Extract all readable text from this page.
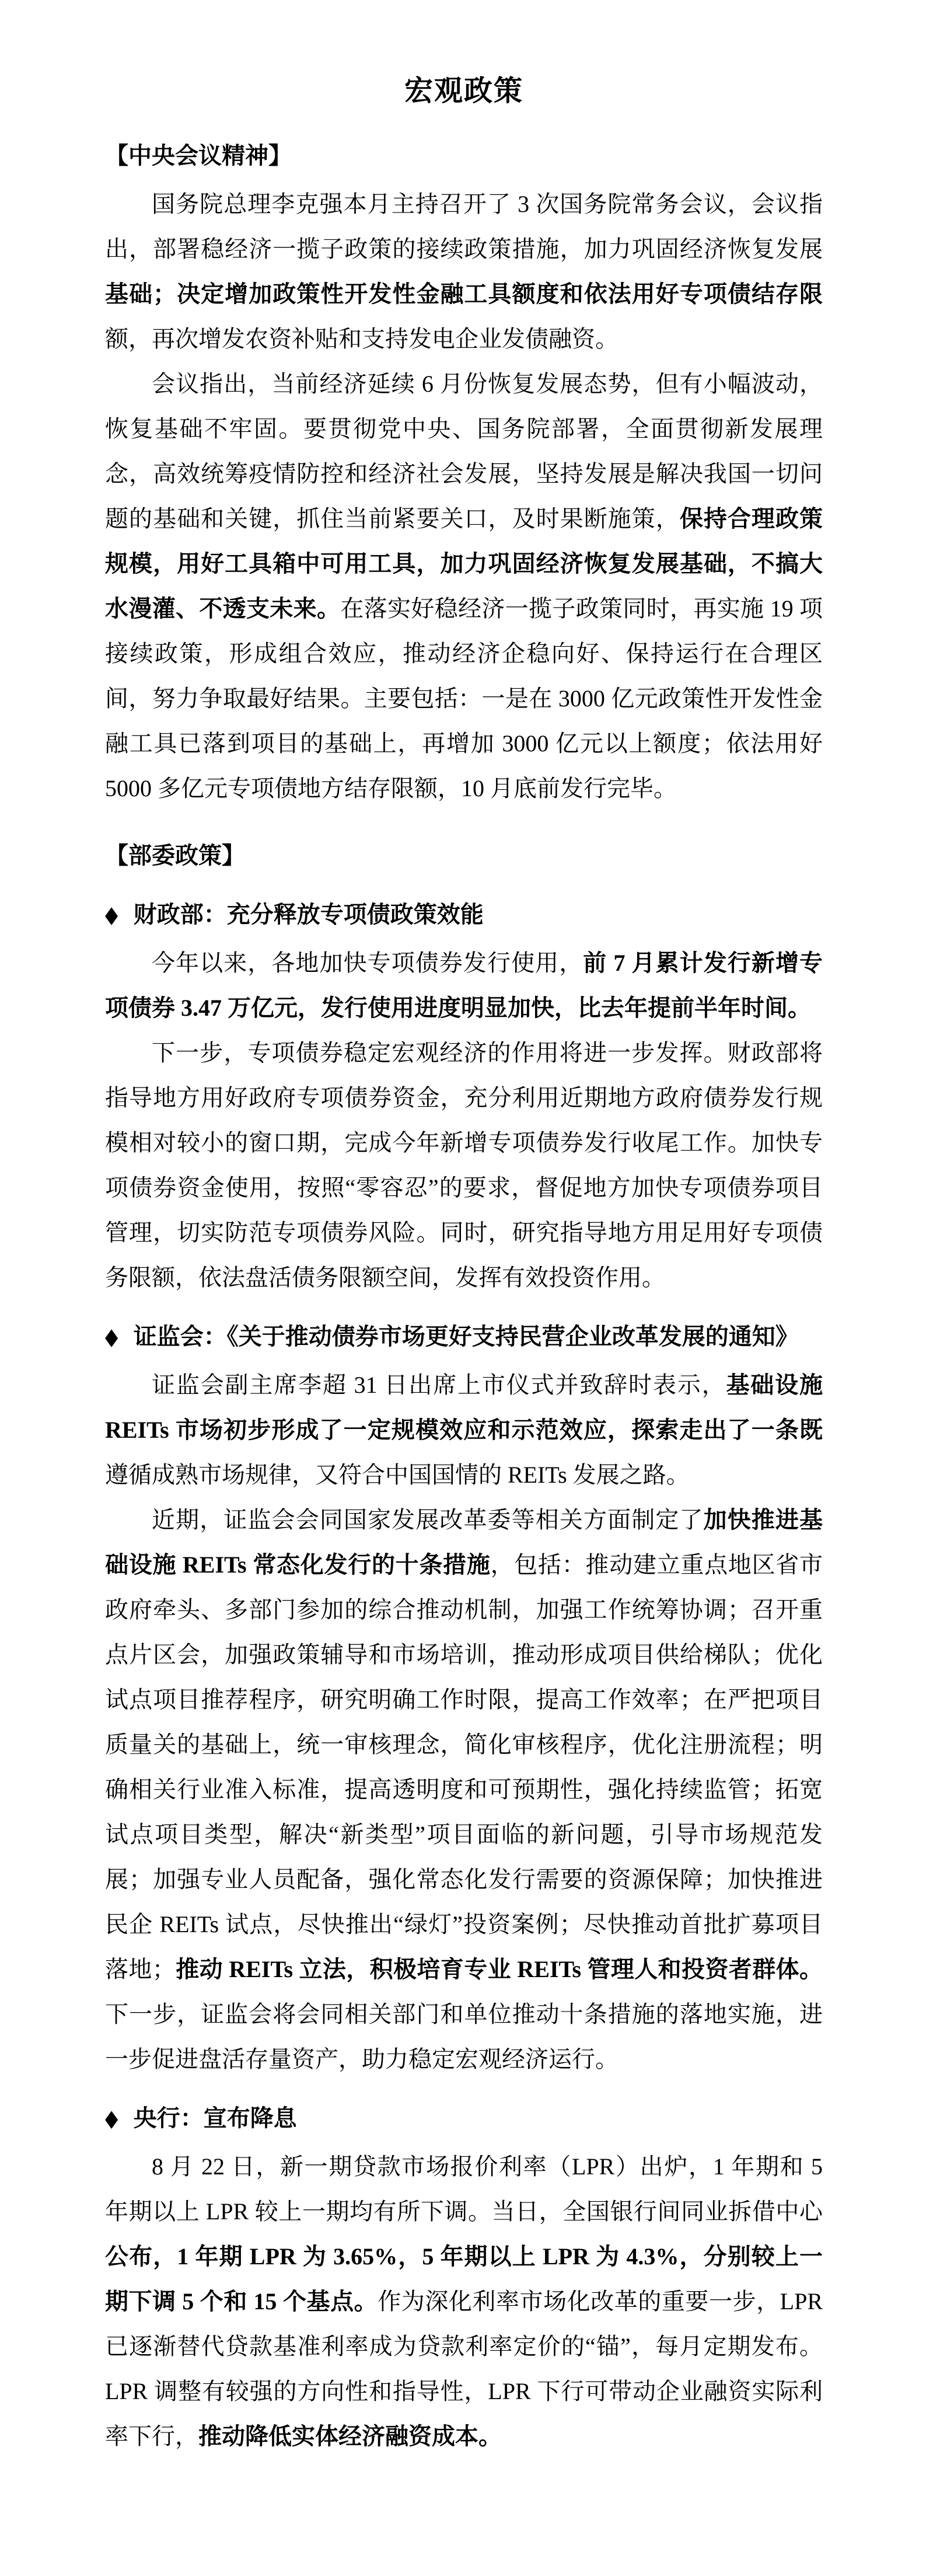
宏观政策
【中央会议精神】

国务院总理李克强本月主持召开了 3 次国务院常务会议，会议指出，部署稳经济一揽子政策的接续政策措施，加力巩固经济恢复发展基础；决定增加政策性开发性金融工具额度和依法用好专项债结存限额，再次增发农资补贴和支持发电企业发债融资。

会议指出，当前经济延续 6 月份恢复发展态势，但有小幅波动，恢复基础不牢固。要贯彻党中央、国务院部署，全面贯彻新发展理念，高效统筹疫情防控和经济社会发展，坚持发展是解决我国一切问题的基础和关键，抓住当前紧要关口，及时果断施策，保持合理政策规模，用好工具箱中可用工具，加力巩固经济恢复发展基础，不搞大水漫灌、不透支未来。在落实好稳经济一揽子政策同时，再实施 19 项接续政策，形成组合效应，推动经济企稳向好、保持运行在合理区间，努力争取最好结果。主要包括：一是在 3000 亿元政策性开发性金融工具已落到项目的基础上，再增加 3000 亿元以上额度；依法用好 5000 多亿元专项债地方结存限额，10 月底前发行完毕。

【部委政策】

◆ 财政部：充分释放专项债政策效能

今年以来，各地加快专项债券发行使用，前 7 月累计发行新增专项债券 3.47 万亿元，发行使用进度明显加快，比去年提前半年时间。

下一步，专项债券稳定宏观经济的作用将进一步发挥。财政部将指导地方用好政府专项债券资金，充分利用近期地方政府债券发行规模相对较小的窗口期，完成今年新增专项债券发行收尾工作。加快专项债券资金使用，按照“零容忍”的要求，督促地方加快专项债券项目管理，切实防范专项债券风险。同时，研究指导地方用足用好专项债务限额，依法盘活债务限额空间，发挥有效投资作用。

◆ 证监会：《关于推动债券市场更好支持民营企业改革发展的通知》

证监会副主席李超 31 日出席上市仪式并致辞时表示，基础设施 REITs 市场初步形成了一定规模效应和示范效应，探索走出了一条既遵循成熟市场规律，又符合中国国情的 REITs 发展之路。

近期，证监会会同国家发展改革委等相关方面制定了加快推进基础设施 REITs 常态化发行的十条措施，包括：推动建立重点地区省市政府牵头、多部门参加的综合推动机制，加强工作统筹协调；召开重点片区会，加强政策辅导和市场培训，推动形成项目供给梯队；优化试点项目推荐程序，研究明确工作时限，提高工作效率；在严把项目质量关的基础上，统一审核理念，简化审核程序，优化注册流程；明确相关行业准入标准，提高透明度和可预期性，强化持续监管；拓宽试点项目类型，解决“新类型”项目面临的新问题，引导市场规范发展；加强专业人员配备，强化常态化发行需要的资源保障；加快推进民企 REITs 试点，尽快推出“绿灯”投资案例；尽快推动首批扩募项目落地；推动 REITs 立法，积极培育专业 REITs 管理人和投资者群体。下一步，证监会将会同相关部门和单位推动十条措施的落地实施，进一步促进盘活存量资产，助力稳定宏观经济运行。

◆ 央行：宣布降息

8 月 22 日，新一期贷款市场报价利率（LPR）出炉，1 年期和 5 年期以上 LPR 较上一期均有所下调。当日，全国银行间同业拆借中心公布，1 年期 LPR 为 3.65%，5 年期以上 LPR 为 4.3%，分别较上一期下调 5 个和 15 个基点。作为深化利率市场化改革的重要一步，LPR 已逐渐替代贷款基准利率成为贷款利率定价的“锚”，每月定期发布。LPR 调整有较强的方向性和指导性，LPR 下行可带动企业融资实际利率下行，推动降低实体经济融资成本。
